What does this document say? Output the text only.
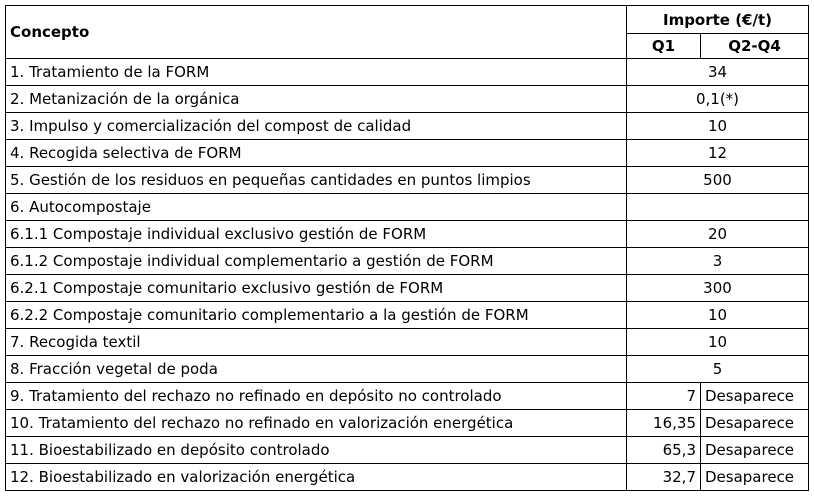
Concepto	Importe (€/t)	
	Q1	Q2-Q4
1. Tratamiento de la FORM	34	
2. Metanización de la orgánica	0,1(*)	
3. Impulso y comercialización del compost de calidad	10	
4. Recogida selectiva de FORM	12	
5. Gestión de los residuos en pequeñas cantidades en puntos limpios	500	
6. Autocompostaje		
6.1.1 Compostaje individual exclusivo gestión de FORM	20	
6.1.2 Compostaje individual complementario a gestión de FORM	3	
6.2.1 Compostaje comunitario exclusivo gestión de FORM	300	
6.2.2 Compostaje comunitario complementario a la gestión de FORM	10	
7. Recogida textil	10	
8. Fracción vegetal de poda	5	
9. Tratamiento del rechazo no refinado en depósito no controlado	7	Desaparece
10. Tratamiento del rechazo no refinado en valorización energética	16,35	Desaparece
11. Bioestabilizado en depósito controlado	65,3	Desaparece
12. Bioestabilizado en valorización energética	32,7	Desaparece
